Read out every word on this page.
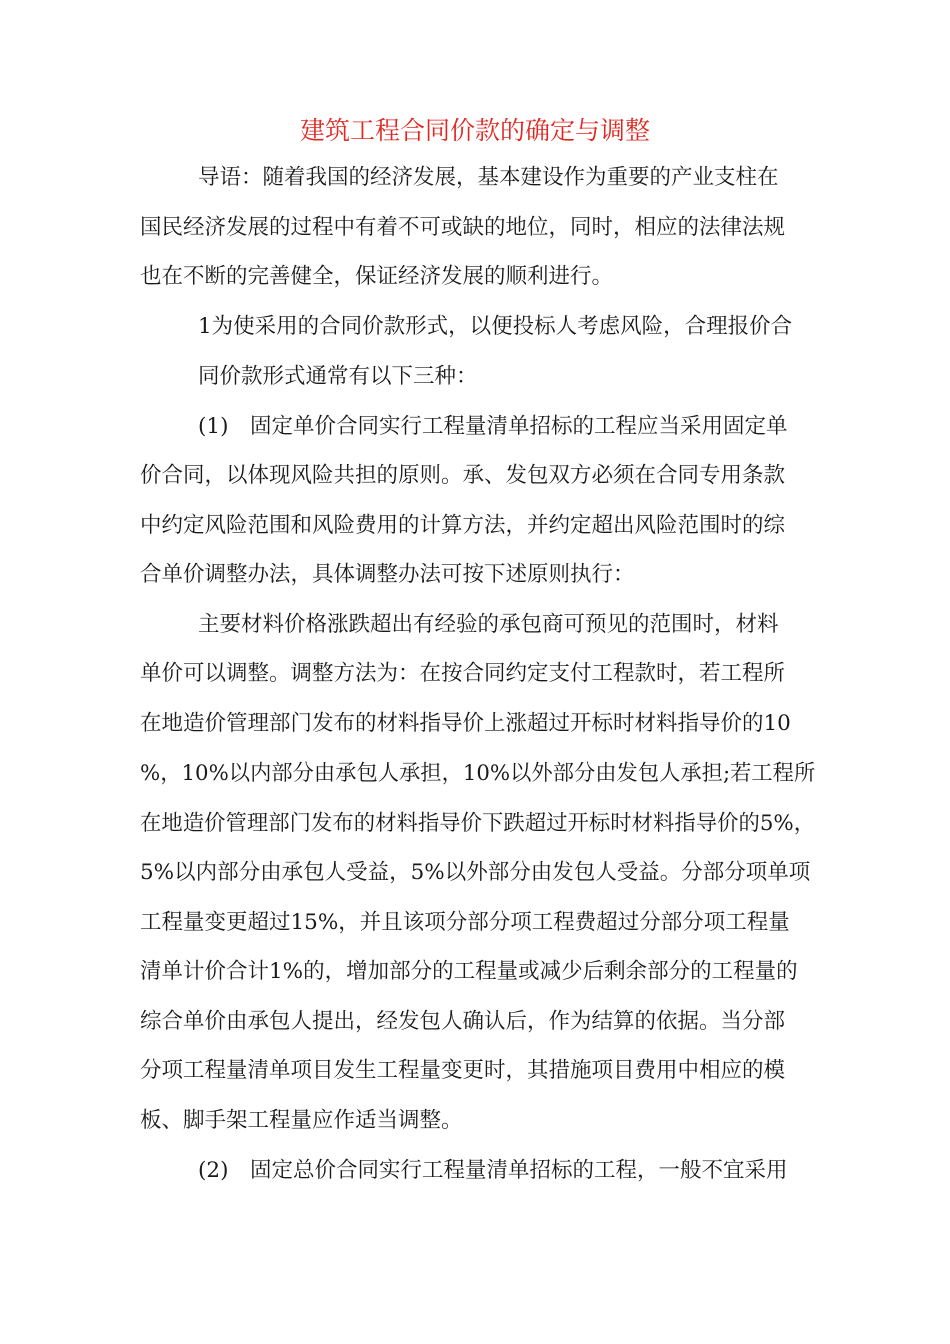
建筑工程合同价款的确定与调整
导语：随着我国的经济发展，基本建设作为重要的产业支柱在
国民经济发展的过程中有着不可或缺的地位，同时，相应的法律法规
也在不断的完善健全，保证经济发展的顺利进行。
1为使采用的合同价款形式，以便投标人考虑风险，合理报价合
同价款形式通常有以下三种：
(1)　固定单价合同实行工程量清单招标的工程应当采用固定单
价合同，以体现风险共担的原则。承、发包双方必须在合同专用条款
中约定风险范围和风险费用的计算方法，并约定超出风险范围时的综
合单价调整办法，具体调整办法可按下述原则执行：
主要材料价格涨跌超出有经验的承包商可预见的范围时，材料
单价可以调整。调整方法为：在按合同约定支付工程款时，若工程所
在地造价管理部门发布的材料指导价上涨超过开标时材料指导价的10
%，10%以内部分由承包人承担，10%以外部分由发包人承担;若工程所
在地造价管理部门发布的材料指导价下跌超过开标时材料指导价的5%，
5%以内部分由承包人受益，5%以外部分由发包人受益。分部分项单项
工程量变更超过15%，并且该项分部分项工程费超过分部分项工程量
清单计价合计1%的，增加部分的工程量或减少后剩余部分的工程量的
综合单价由承包人提出，经发包人确认后，作为结算的依据。当分部
分项工程量清单项目发生工程量变更时，其措施项目费用中相应的模
板、脚手架工程量应作适当调整。
(2)　固定总价合同实行工程量清单招标的工程，一般不宜采用
